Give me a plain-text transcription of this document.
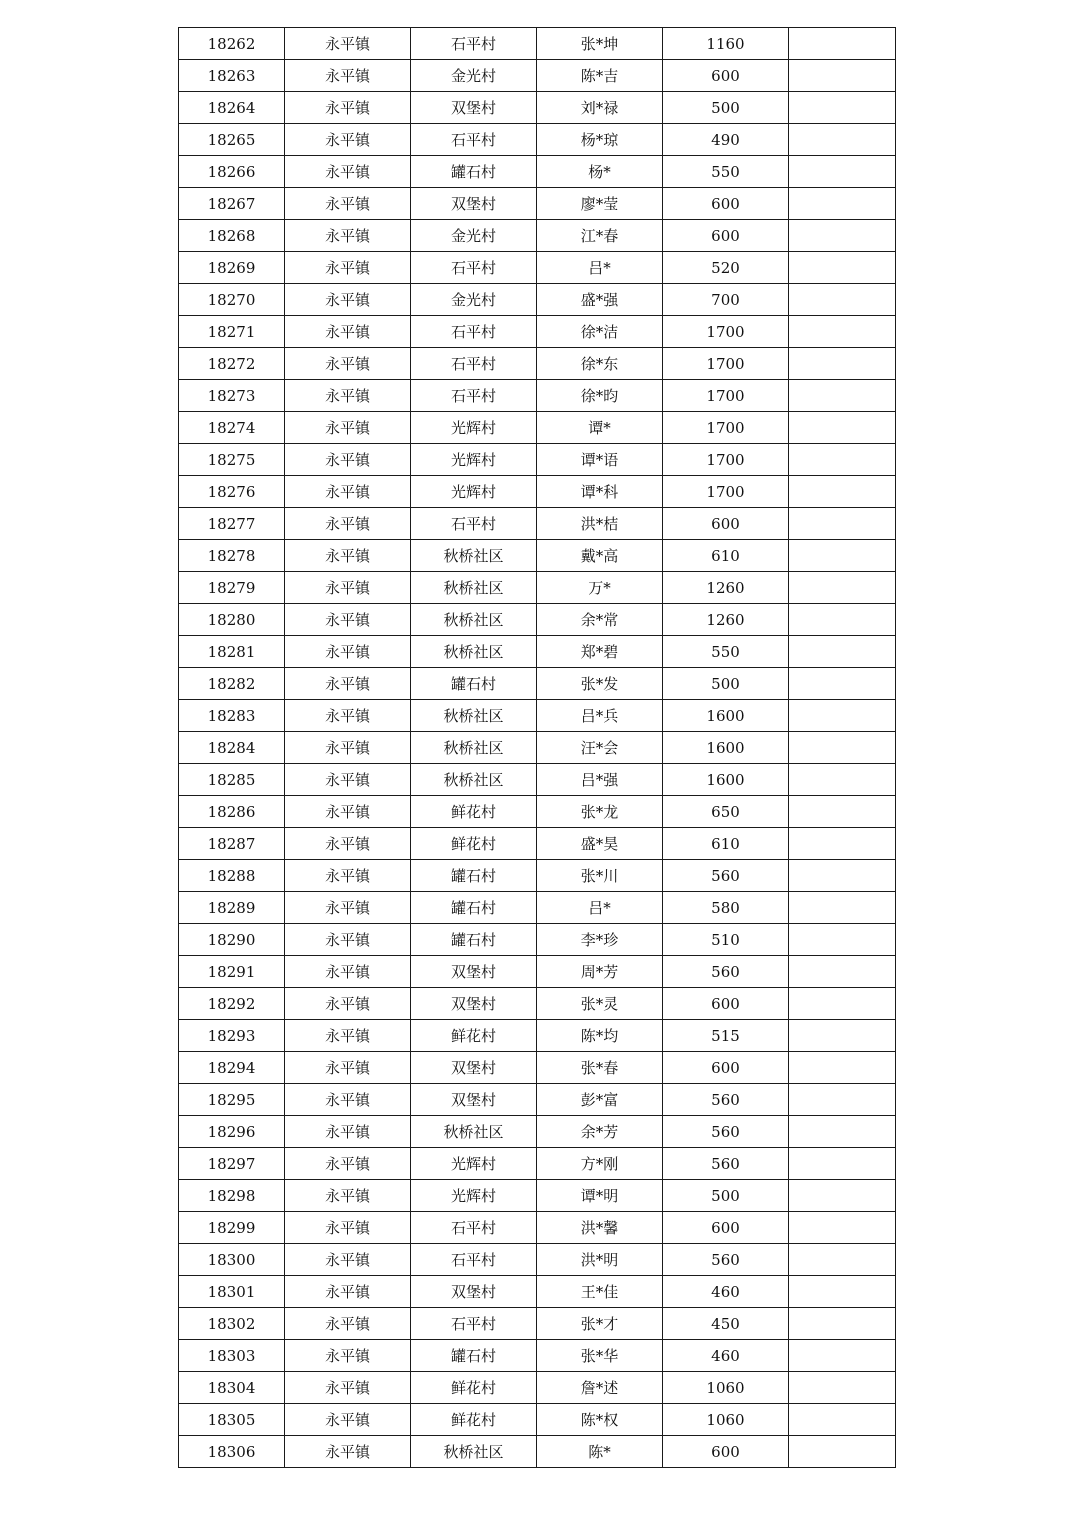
18262	永平镇	石平村	张*坤	1160	
18263	永平镇	金光村	陈*吉	600	
18264	永平镇	双堡村	刘*禄	500	
18265	永平镇	石平村	杨*琼	490	
18266	永平镇	罐石村	杨*	550	
18267	永平镇	双堡村	廖*莹	600	
18268	永平镇	金光村	江*春	600	
18269	永平镇	石平村	吕*	520	
18270	永平镇	金光村	盛*强	700	
18271	永平镇	石平村	徐*洁	1700	
18272	永平镇	石平村	徐*东	1700	
18273	永平镇	石平村	徐*昀	1700	
18274	永平镇	光辉村	谭*	1700	
18275	永平镇	光辉村	谭*语	1700	
18276	永平镇	光辉村	谭*科	1700	
18277	永平镇	石平村	洪*桔	600	
18278	永平镇	秋桥社区	戴*高	610	
18279	永平镇	秋桥社区	万*	1260	
18280	永平镇	秋桥社区	余*常	1260	
18281	永平镇	秋桥社区	郑*碧	550	
18282	永平镇	罐石村	张*发	500	
18283	永平镇	秋桥社区	吕*兵	1600	
18284	永平镇	秋桥社区	汪*会	1600	
18285	永平镇	秋桥社区	吕*强	1600	
18286	永平镇	鲜花村	张*龙	650	
18287	永平镇	鲜花村	盛*昊	610	
18288	永平镇	罐石村	张*川	560	
18289	永平镇	罐石村	吕*	580	
18290	永平镇	罐石村	李*珍	510	
18291	永平镇	双堡村	周*芳	560	
18292	永平镇	双堡村	张*灵	600	
18293	永平镇	鲜花村	陈*均	515	
18294	永平镇	双堡村	张*春	600	
18295	永平镇	双堡村	彭*富	560	
18296	永平镇	秋桥社区	余*芳	560	
18297	永平镇	光辉村	方*刚	560	
18298	永平镇	光辉村	谭*明	500	
18299	永平镇	石平村	洪*馨	600	
18300	永平镇	石平村	洪*明	560	
18301	永平镇	双堡村	王*佳	460	
18302	永平镇	石平村	张*才	450	
18303	永平镇	罐石村	张*华	460	
18304	永平镇	鲜花村	詹*述	1060	
18305	永平镇	鲜花村	陈*权	1060	
18306	永平镇	秋桥社区	陈*	600	
